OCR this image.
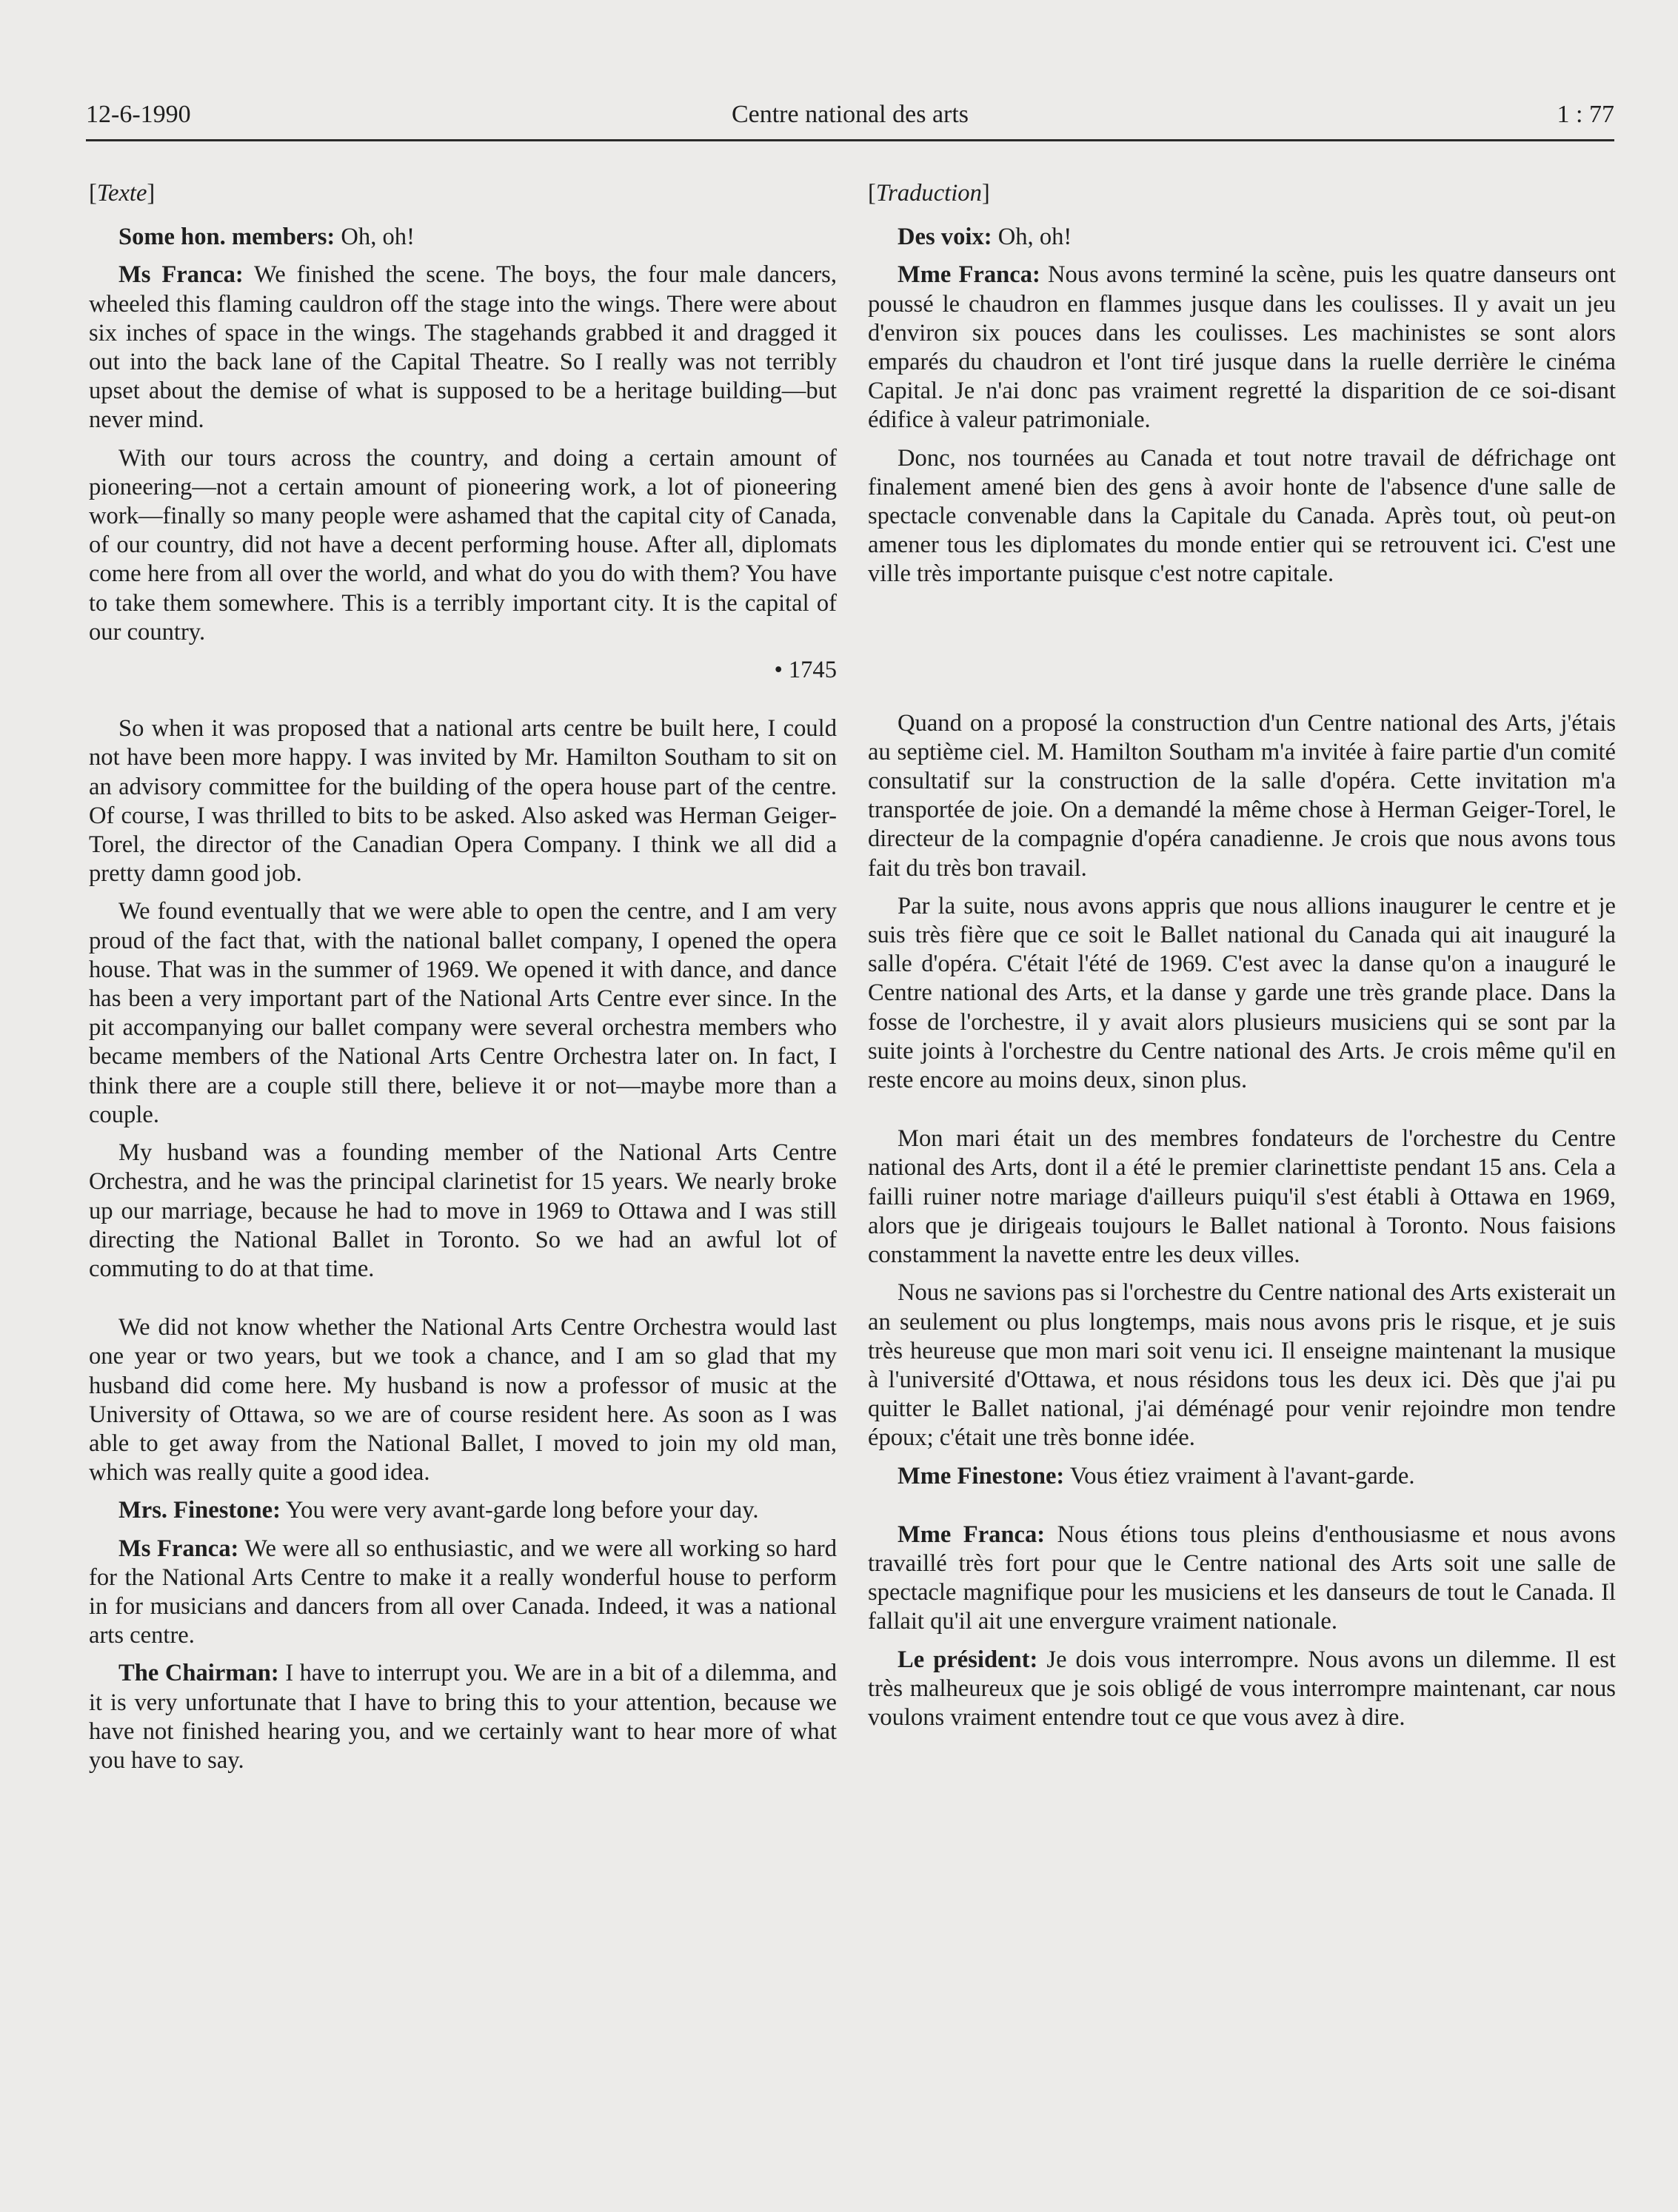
12-6-1990	Centre national des arts	1 : 77

[ Texte ]

Some hon. members: Oh, oh!

Ms Franca: We finished the scene. The boys, the four male dancers, wheeled this flaming cauldron off the stage into the wings. There were about six inches of space in the wings. The stagehands grabbed it and dragged it out into the back lane of the Capital Theatre. So I really was not terribly upset about the demise of what is supposed to be a heritage building—but never mind.

With our tours across the country, and doing a certain amount of pioneering—not a certain amount of pioneering work, a lot of pioneering work—finally so many people were ashamed that the capital city of Canada, of our country, did not have a decent performing house. After all, diplomats come here from all over the world, and what do you do with them? You have to take them somewhere. This is a terribly important city. It is the capital of our country.

• 1745

So when it was proposed that a national arts centre be built here, I could not have been more happy. I was invited by Mr. Hamilton Southam to sit on an advisory committee for the building of the opera house part of the centre. Of course, I was thrilled to bits to be asked. Also asked was Herman Geiger-Torel, the director of the Canadian Opera Company. I think we all did a pretty damn good job.

We found eventually that we were able to open the centre, and I am very proud of the fact that, with the national ballet company, I opened the opera house. That was in the summer of 1969. We opened it with dance, and dance has been a very important part of the National Arts Centre ever since. In the pit accompanying our ballet company were several orchestra members who became members of the National Arts Centre Orchestra later on. In fact, I think there are a couple still there, believe it or not—maybe more than a couple.

My husband was a founding member of the National Arts Centre Orchestra, and he was the principal clarinetist for 15 years. We nearly broke up our marriage, because he had to move in 1969 to Ottawa and I was still directing the National Ballet in Toronto. So we had an awful lot of commuting to do at that time.

We did not know whether the National Arts Centre Orchestra would last one year or two years, but we took a chance, and I am so glad that my husband did come here. My husband is now a professor of music at the University of Ottawa, so we are of course resident here. As soon as I was able to get away from the National Ballet, I moved to join my old man, which was really quite a good idea.

Mrs. Finestone: You were very avant-garde long before your day.

Ms Franca: We were all so enthusiastic, and we were all working so hard for the National Arts Centre to make it a really wonderful house to perform in for musicians and dancers from all over Canada. Indeed, it was a national arts centre.

The Chairman: I have to interrupt you. We are in a bit of a dilemma, and it is very unfortunate that I have to bring this to your attention, because we have not finished hearing you, and we certainly want to hear more of what you have to say.

[ Traduction ]

Des voix: Oh, oh!

Mme Franca: Nous avons terminé la scène, puis les quatre danseurs ont poussé le chaudron en flammes jusque dans les coulisses. Il y avait un jeu d'environ six pouces dans les coulisses. Les machinistes se sont alors emparés du chaudron et l'ont tiré jusque dans la ruelle derrière le cinéma Capital. Je n'ai donc pas vraiment regretté la disparition de ce soi-disant édifice à valeur patrimoniale.

Donc, nos tournées au Canada et tout notre travail de défrichage ont finalement amené bien des gens à avoir honte de l'absence d'une salle de spectacle convenable dans la Capitale du Canada. Après tout, où peut-on amener tous les diplomates du monde entier qui se retrouvent ici. C'est une ville très importante puisque c'est notre capitale.

Quand on a proposé la construction d'un Centre national des Arts, j'étais au septième ciel. M. Hamilton Southam m'a invitée à faire partie d'un comité consultatif sur la construction de la salle d'opéra. Cette invitation m'a transportée de joie. On a demandé la même chose à Herman Geiger-Torel, le directeur de la compagnie d'opéra canadienne. Je crois que nous avons tous fait du très bon travail.

Par la suite, nous avons appris que nous allions inaugurer le centre et je suis très fière que ce soit le Ballet national du Canada qui ait inauguré la salle d'opéra. C'était l'été de 1969. C'est avec la danse qu'on a inauguré le Centre national des Arts, et la danse y garde une très grande place. Dans la fosse de l'orchestre, il y avait alors plusieurs musiciens qui se sont par la suite joints à l'orchestre du Centre national des Arts. Je crois même qu'il en reste encore au moins deux, sinon plus.

Mon mari était un des membres fondateurs de l'orchestre du Centre national des Arts, dont il a été le premier clarinettiste pendant 15 ans. Cela a failli ruiner notre mariage d'ailleurs puiqu'il s'est établi à Ottawa en 1969, alors que je dirigeais toujours le Ballet national à Toronto. Nous faisions constamment la navette entre les deux villes.

Nous ne savions pas si l'orchestre du Centre national des Arts existerait un an seulement ou plus longtemps, mais nous avons pris le risque, et je suis très heureuse que mon mari soit venu ici. Il enseigne maintenant la musique à l'université d'Ottawa, et nous résidons tous les deux ici. Dès que j'ai pu quitter le Ballet national, j'ai déménagé pour venir rejoindre mon tendre époux; c'était une très bonne idée.

Mme Finestone: Vous étiez vraiment à l'avant-garde.

Mme Franca: Nous étions tous pleins d'enthousiasme et nous avons travaillé très fort pour que le Centre national des Arts soit une salle de spectacle magnifique pour les musiciens et les danseurs de tout le Canada. Il fallait qu'il ait une envergure vraiment nationale.

Le président: Je dois vous interrompre. Nous avons un dilemme. Il est très malheureux que je sois obligé de vous interrompre maintenant, car nous voulons vraiment entendre tout ce que vous avez à dire.
